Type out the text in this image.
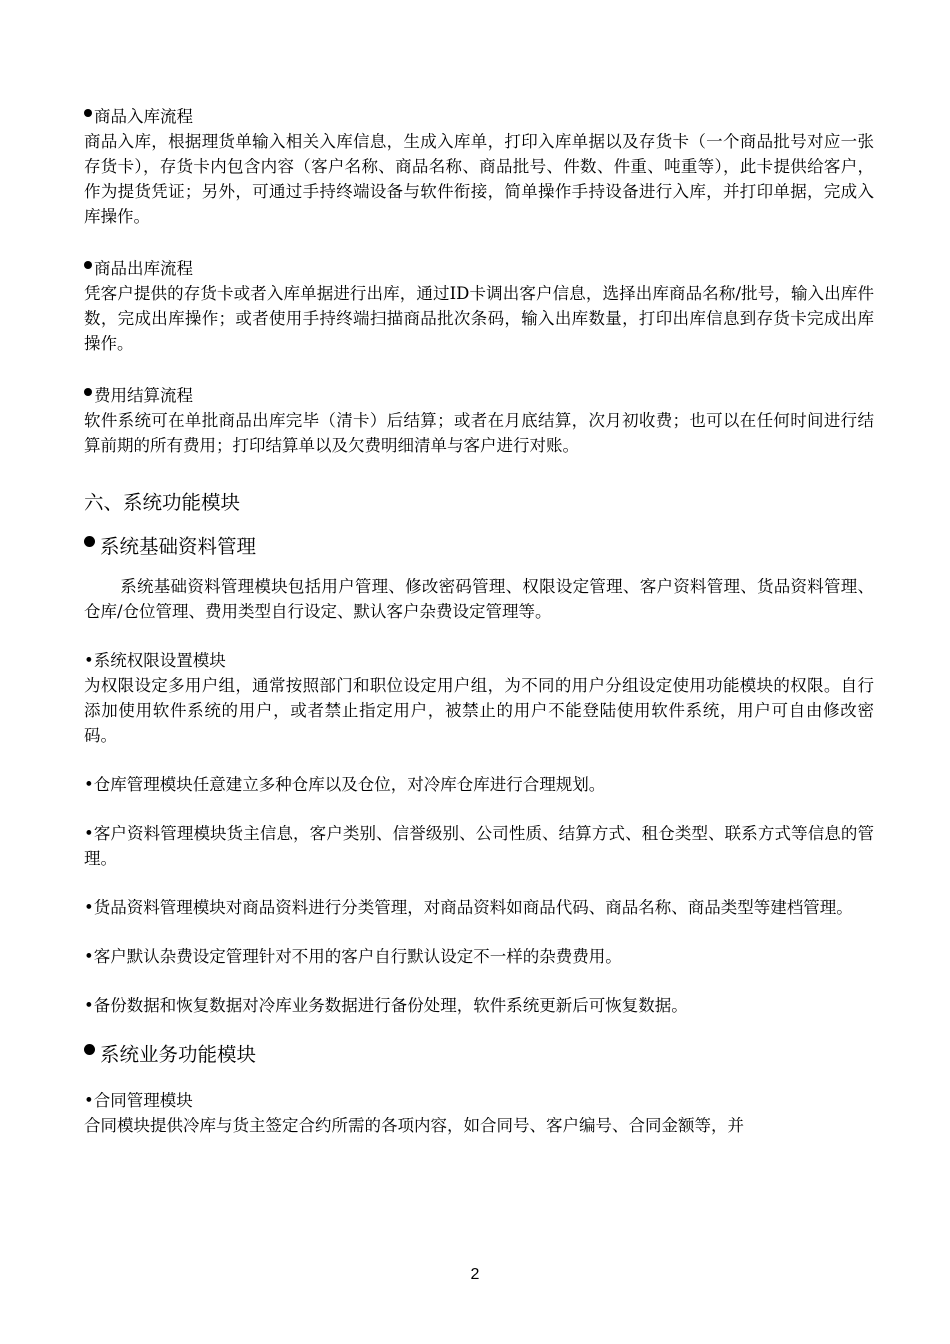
商品入库流程

商品入库，根据理货单输入相关入库信息，生成入库单，打印入库单据以及存货卡（一个商品批号对应一张存货卡），存货卡内包含内容（客户名称、商品名称、商品批号、件数、件重、吨重等），此卡提供给客户，作为提货凭证；另外，可通过手持终端设备与软件衔接，简单操作手持设备进行入库，并打印单据，完成入库操作。

商品出库流程

凭客户提供的存货卡或者入库单据进行出库，通过ID卡调出客户信息，选择出库商品名称/批号，输入出库件数，完成出库操作；或者使用手持终端扫描商品批次条码，输入出库数量，打印出库信息到存货卡完成出库操作。

费用结算流程

软件系统可在单批商品出库完毕（清卡）后结算；或者在月底结算，次月初收费；也可以在任何时间进行结算前期的所有费用；打印结算单以及欠费明细清单与客户进行对账。

六、系统功能模块
系统基础资料管理

系统基础资料管理模块包括用户管理、修改密码管理、权限设定管理、客户资料管理、货品资料管理、仓库/仓位管理、费用类型自行设定、默认客户杂费设定管理等。

•系统权限设置模块

为权限设定多用户组，通常按照部门和职位设定用户组，为不同的用户分组设定使用功能模块的权限。自行添加使用软件系统的用户，或者禁止指定用户，被禁止的用户不能登陆使用软件系统，用户可自由修改密码。

•仓库管理模块任意建立多种仓库以及仓位，对冷库仓库进行合理规划。

•客户资料管理模块货主信息，客户类别、信誉级别、公司性质、结算方式、租仓类型、联系方式等信息的管理。

•货品资料管理模块对商品资料进行分类管理，对商品资料如商品代码、商品名称、商品类型等建档管理。

•客户默认杂费设定管理针对不用的客户自行默认设定不一样的杂费费用。

•备份数据和恢复数据对冷库业务数据进行备份处理，软件系统更新后可恢复数据。

系统业务功能模块

•合同管理模块

合同模块提供冷库与货主签定合约所需的各项内容，如合同号、客户编号、合同金额等，并

2
